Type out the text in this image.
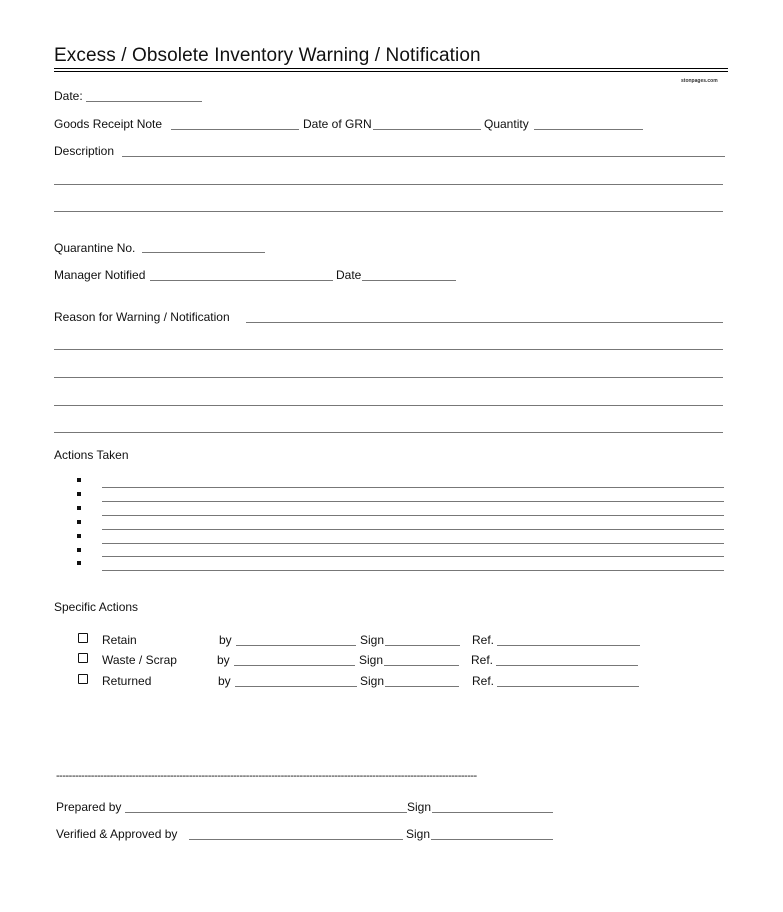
Excess / Obsolete Inventory Warning / Notification
stonpages.com
Date:
Goods Receipt Note	Date of GRN	Quantity
Description
Quarantine No.
Manager Notified	Date
Reason for Warning / Notification
Actions Taken
Specific Actions
Retain	by	Sign	Ref.
Waste / Scrap	by	Sign	Ref.
Returned	by	Sign	Ref.
-------------------------------------------------------------------------------------------------------------------------------------
Prepared by	Sign
Verified & Approved by	Sign
